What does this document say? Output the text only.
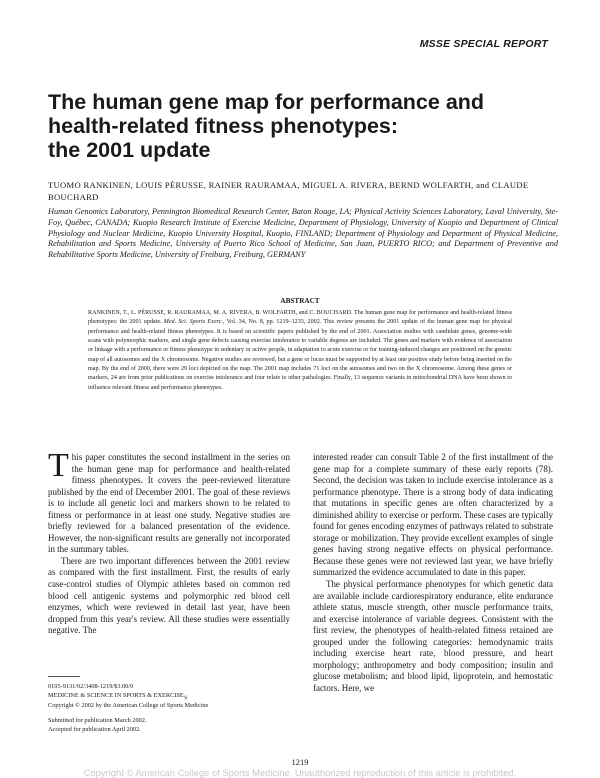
MSSE SPECIAL REPORT
The human gene map for performance and
health-related fitness phenotypes:
the 2001 update
TUOMO RANKINEN, LOUIS PÉRUSSE, RAINER RAURAMAA, MIGUEL A. RIVERA, BERND WOLFARTH, and CLAUDE BOUCHARD
Human Genomics Laboratory, Pennington Biomedical Research Center, Baton Rouge, LA; Physical Activity Sciences Laboratory, Laval University, Ste-Foy, Québec, CANADA; Kuopio Research Institute of Exercise Medicine, Department of Physiology, University of Kuopio and Department of Clinical Physiology and Nuclear Medicine, Kuopio University Hospital, Kuopio, FINLAND; Department of Physiology and Department of Physical Medicine, Rehabilitation and Sports Medicine, University of Puerto Rico School of Medicine, San Juan, PUERTO RICO; and Department of Preventive and Rehabilitative Sports Medicine, University of Freiburg, Freiburg, GERMANY
ABSTRACT
RANKINEN, T., L. PÉRUSSE, R. RAURAMAA, M. A. RIVERA, B. WOLFARTH, and C. BOUCHARD. The human gene map for performance and health-related fitness phenotypes: the 2001 update. Med. Sci. Sports Exerc., Vol. 34, No. 8, pp. 1219–1233, 2002. This review presents the 2001 update of the human gene map for physical performance and health-related fitness phenotypes. It is based on scientific papers published by the end of 2001. Association studies with candidate genes, genome-wide scans with polymorphic markers, and single gene defects causing exercise intolerance to variable degrees are included. The genes and markers with evidence of association or linkage with a performance or fitness phenotype in sedentary or active people, in adaptation to acute exercise or for training-induced changes are positioned on the genetic map of all autosomes and the X chromosome. Negative studies are reviewed, but a gene or locus must be supported by at least one positive study before being inserted on the map. By the end of 2000, there were 29 loci depicted on the map. The 2001 map includes 71 loci on the autosomes and two on the X chromosome. Among these genes or markers, 24 are from prior publications on exercise intolerance and four relate to other pathologies. Finally, 13 sequence variants in mitochondrial DNA have been shown to influence relevant fitness and performance phenotypes.

This paper constitutes the second installment in the series on the human gene map for performance and health-related fitness phenotypes. It covers the peer-reviewed literature published by the end of December 2001. The goal of these reviews is to include all genetic loci and markers shown to be related to fitness or performance in at least one study. Negative studies are briefly reviewed for a balanced presentation of the evidence. However, the non-significant results are generally not incorporated in the summary tables.

There are two important differences between the 2001 review as compared with the first installment. First, the results of early case-control studies of Olympic athletes based on common red blood cell antigenic systems and polymorphic red blood cell enzymes, which were reviewed in detail last year, have been dropped from this year's review. All these studies were essentially negative. The

interested reader can consult Table 2 of the first installment of the gene map for a complete summary of these early reports (78). Second, the decision was taken to include exercise intolerance as a performance phenotype. There is a strong body of data indicating that mutations in specific genes are often characterized by a diminished ability to exercise or perform. These cases are typically found for genes encoding enzymes of pathways related to substrate storage or mobilization. They provide excellent examples of single genes having strong negative effects on physical performance. Because these genes were not reviewed last year, we have briefly summarized the evidence accumulated to date in this paper.

The physical performance phenotypes for which genetic data are available include cardiorespiratory endurance, elite endurance athlete status, muscle strength, other muscle performance traits, and exercise intolerance of variable degrees. Consistent with the first review, the phenotypes of health-related fitness retained are grouped under the following categories: hemodynamic traits including exercise heart rate, blood pressure, and heart morphology; anthropometry and body composition; insulin and glucose metabolism; and blood lipid, lipoprotein, and hemostatic factors. Here, we

0195-9131/02/3408-1219/$3.00/0
MEDICINE & SCIENCE IN SPORTS & $EXERCISE_®$
Copyright © 2002 by the American College of Sports Medicine
Submitted for publication March 2002.
Accepted for publication April 2002.
1219
Copyright © American College of Sports Medicine. Unauthorized reproduction of this article is prohibited.
